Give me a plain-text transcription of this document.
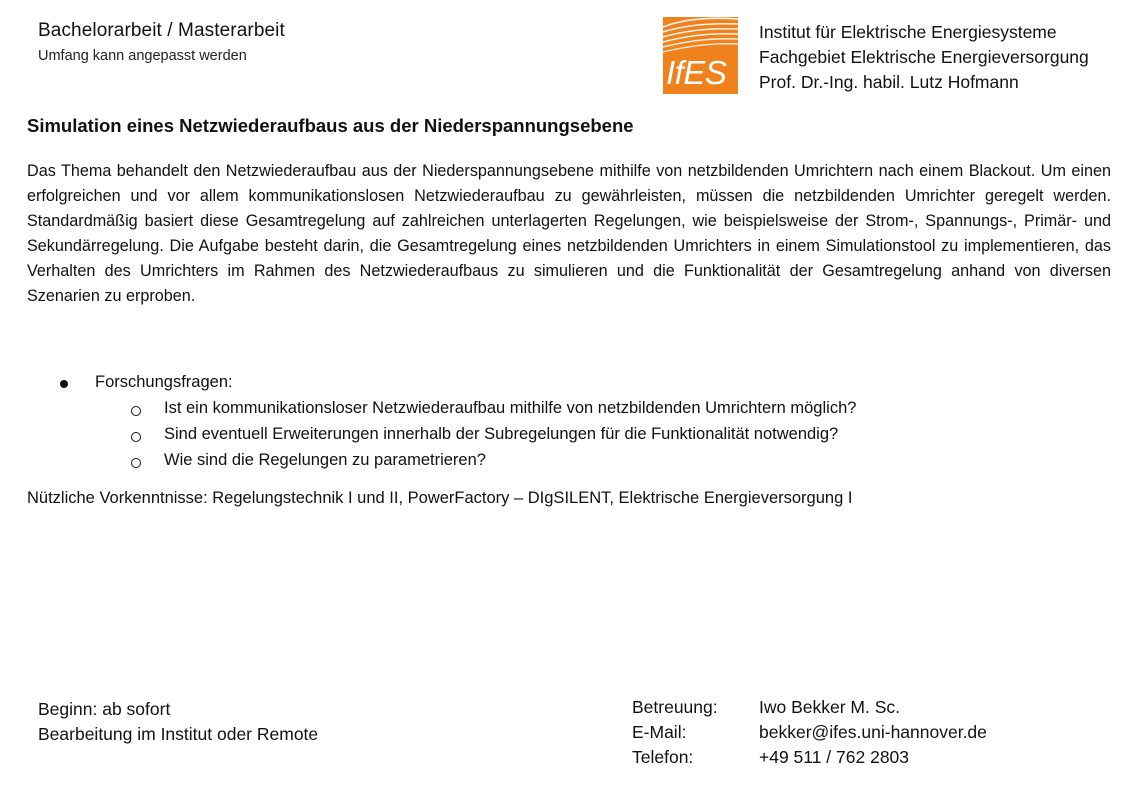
Bachelorarbeit / Masterarbeit
Umfang kann angepasst werden	IfES
Institut für Elektrische Energiesysteme
Fachgebiet Elektrische Energieversorgung
Prof. Dr.-Ing. habil. Lutz Hofmann
Simulation eines Netzwiederaufbaus aus der Niederspannungsebene
Das Thema behandelt den Netzwiederaufbau aus der Niederspannungsebene mithilfe von netzbildenden Umrichtern nach einem Blackout. Um einen erfolgreichen und vor allem kommunikationslosen Netzwiederaufbau zu gewährleisten, müssen die netzbildenden Umrichter geregelt werden. Standardmäßig basiert diese Gesamtregelung auf zahlreichen unterlagerten Regelungen, wie beispielsweise der Strom-, Spannungs-, Primär- und Sekundärregelung. Die Aufgabe besteht darin, die Gesamtregelung eines netzbildenden Umrichters in einem Simulationstool zu implementieren, das Verhalten des Umrichters im Rahmen des Netzwiederaufbaus zu simulieren und die Funktionalität der Gesamtregelung anhand von diversen Szenarien zu erproben.
Forschungsfragen:
Ist ein kommunikationsloser Netzwiederaufbau mithilfe von netzbildenden Umrichtern möglich?
Sind eventuell Erweiterungen innerhalb der Subregelungen für die Funktionalität notwendig?
Wie sind die Regelungen zu parametrieren?
Nützliche Vorkenntnisse: Regelungstechnik I und II, PowerFactory – DIgSILENT, Elektrische Energieversorgung I
Beginn: ab sofort
Bearbeitung im Institut oder Remote
Betreuung: Iwo Bekker M. Sc.
E-Mail:	bekker@ifes.uni-hannover.de
Telefon:	+49 511 / 762 2803
